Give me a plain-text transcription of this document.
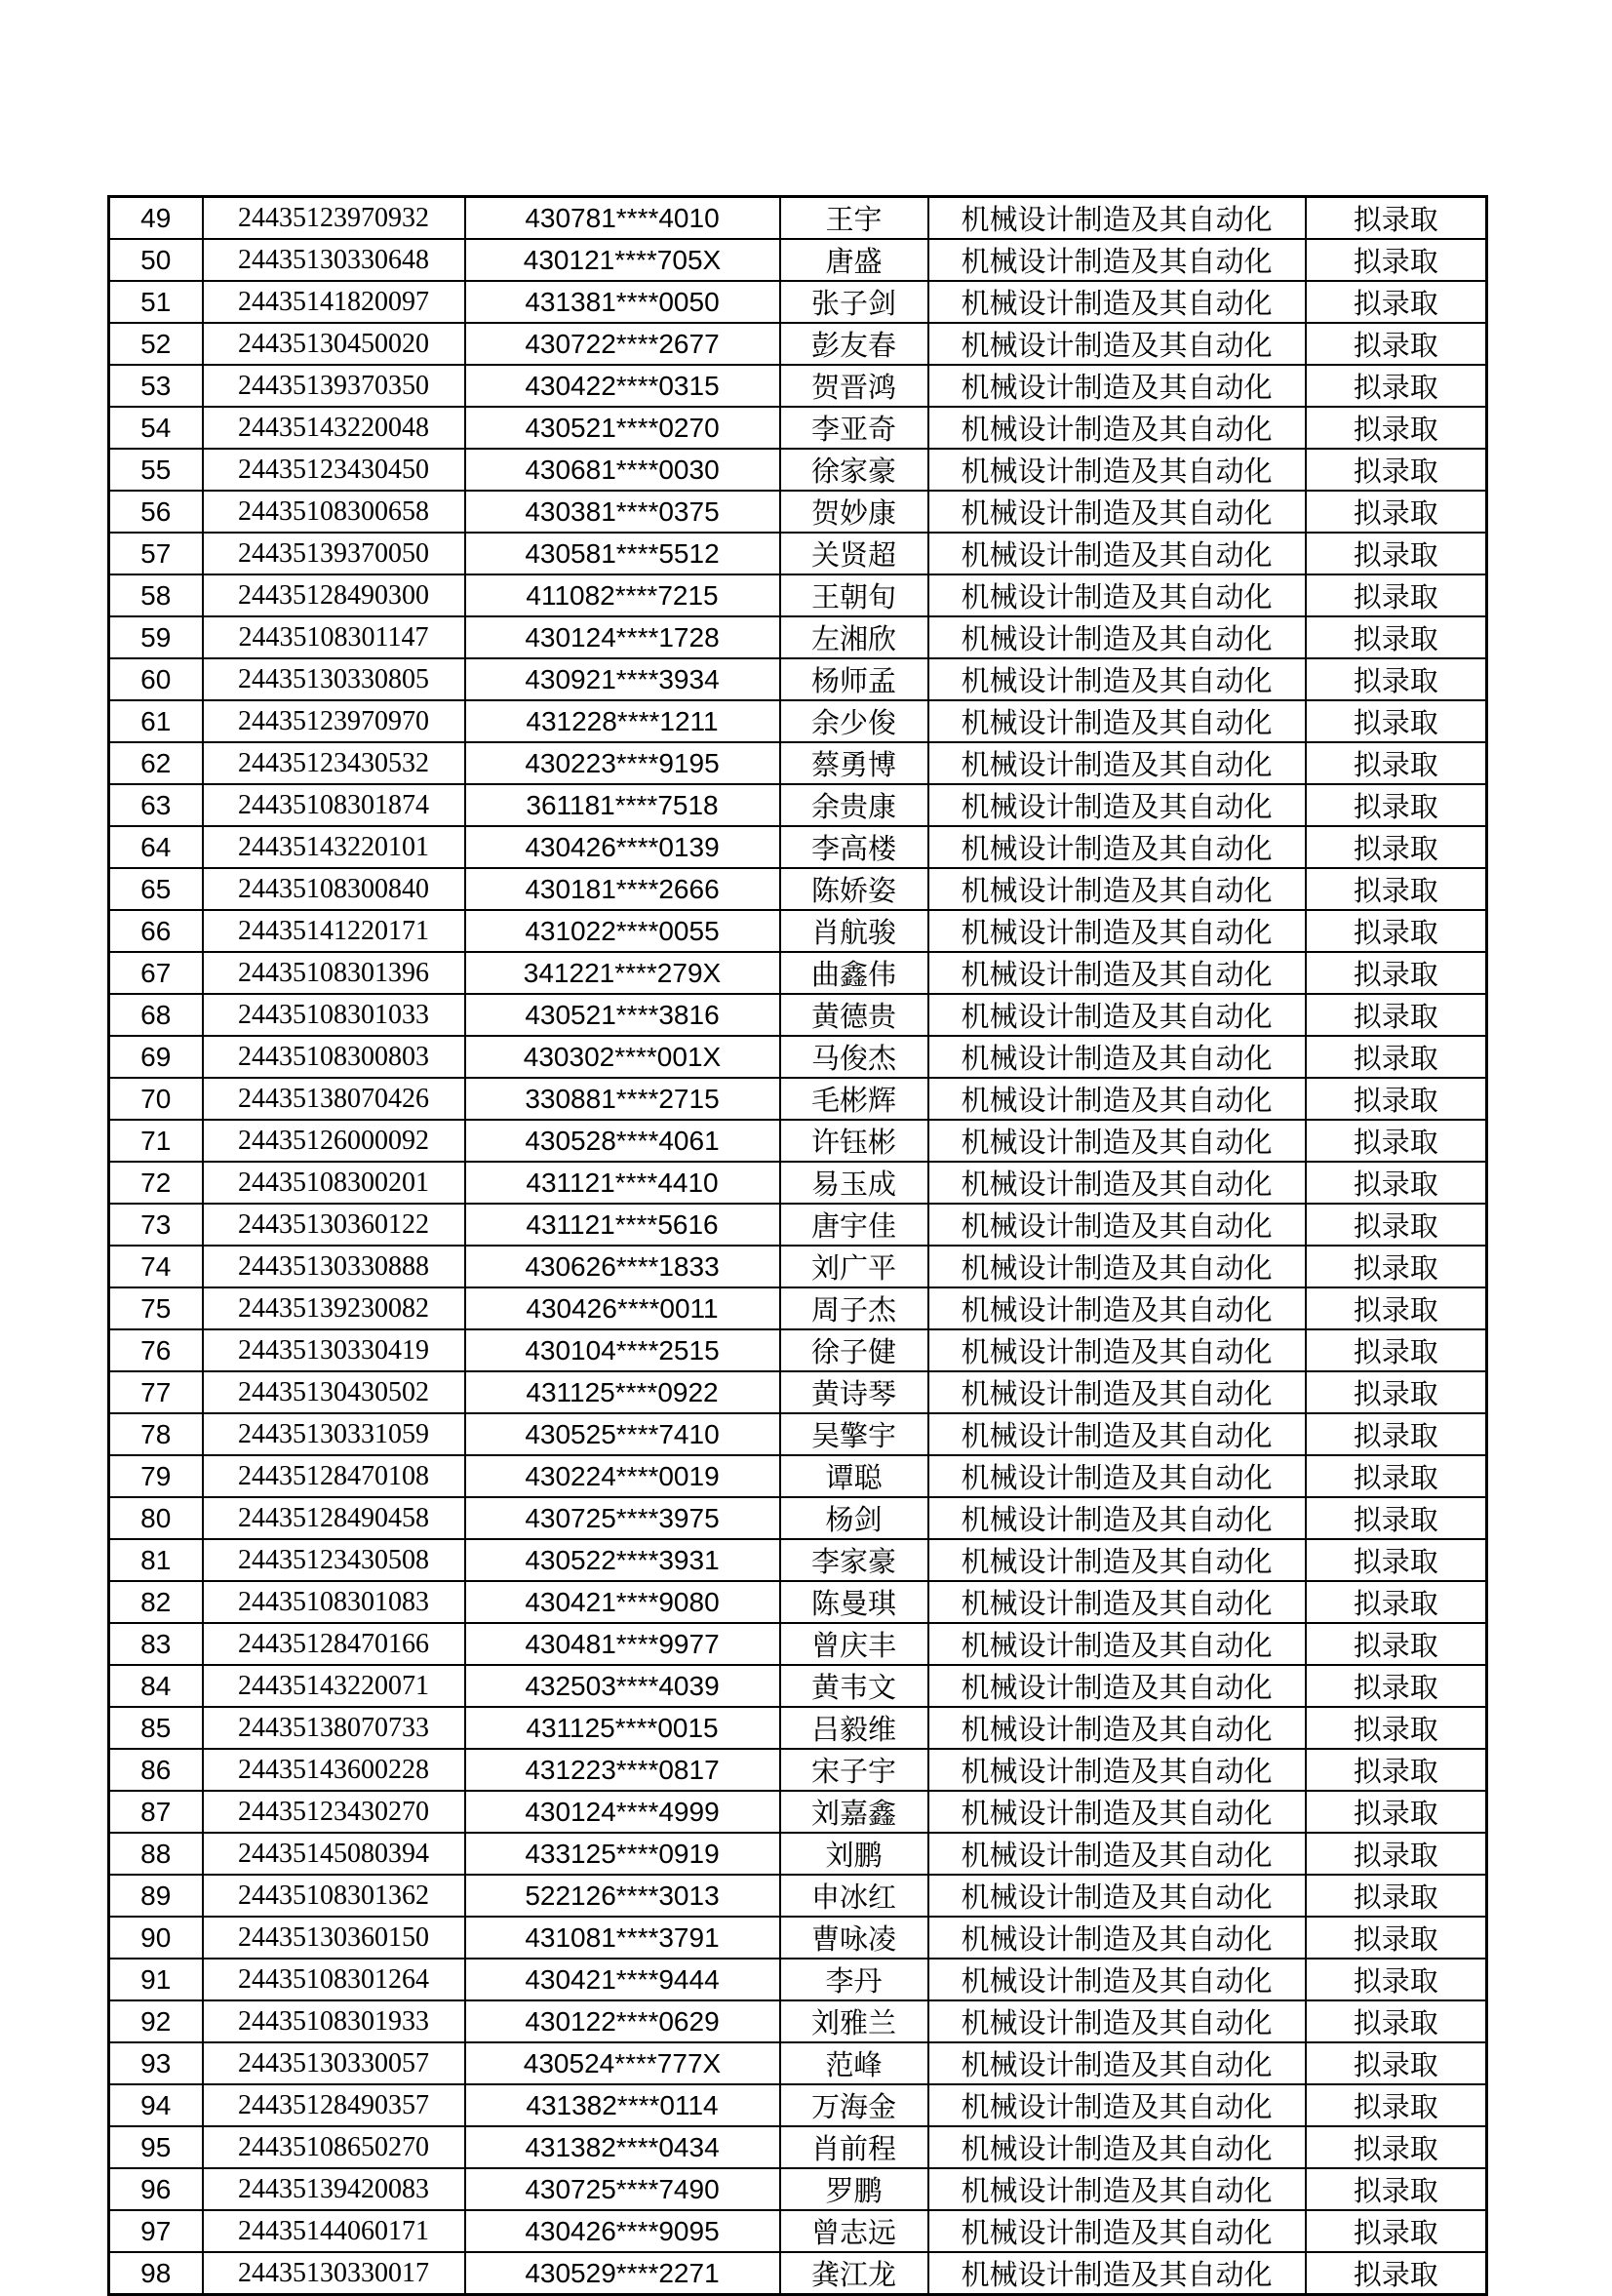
49	24435123970932	430781****4010	王宇	机械设计制造及其自动化	拟录取
50	24435130330648	430121****705X	唐盛	机械设计制造及其自动化	拟录取
51	24435141820097	431381****0050	张子剑	机械设计制造及其自动化	拟录取
52	24435130450020	430722****2677	彭友春	机械设计制造及其自动化	拟录取
53	24435139370350	430422****0315	贺晋鸿	机械设计制造及其自动化	拟录取
54	24435143220048	430521****0270	李亚奇	机械设计制造及其自动化	拟录取
55	24435123430450	430681****0030	徐家豪	机械设计制造及其自动化	拟录取
56	24435108300658	430381****0375	贺妙康	机械设计制造及其自动化	拟录取
57	24435139370050	430581****5512	关贤超	机械设计制造及其自动化	拟录取
58	24435128490300	411082****7215	王朝旬	机械设计制造及其自动化	拟录取
59	24435108301147	430124****1728	左湘欣	机械设计制造及其自动化	拟录取
60	24435130330805	430921****3934	杨师孟	机械设计制造及其自动化	拟录取
61	24435123970970	431228****1211	余少俊	机械设计制造及其自动化	拟录取
62	24435123430532	430223****9195	蔡勇博	机械设计制造及其自动化	拟录取
63	24435108301874	361181****7518	余贵康	机械设计制造及其自动化	拟录取
64	24435143220101	430426****0139	李高楼	机械设计制造及其自动化	拟录取
65	24435108300840	430181****2666	陈娇姿	机械设计制造及其自动化	拟录取
66	24435141220171	431022****0055	肖航骏	机械设计制造及其自动化	拟录取
67	24435108301396	341221****279X	曲鑫伟	机械设计制造及其自动化	拟录取
68	24435108301033	430521****3816	黄德贵	机械设计制造及其自动化	拟录取
69	24435108300803	430302****001X	马俊杰	机械设计制造及其自动化	拟录取
70	24435138070426	330881****2715	毛彬辉	机械设计制造及其自动化	拟录取
71	24435126000092	430528****4061	许钰彬	机械设计制造及其自动化	拟录取
72	24435108300201	431121****4410	易玉成	机械设计制造及其自动化	拟录取
73	24435130360122	431121****5616	唐宇佳	机械设计制造及其自动化	拟录取
74	24435130330888	430626****1833	刘广平	机械设计制造及其自动化	拟录取
75	24435139230082	430426****0011	周子杰	机械设计制造及其自动化	拟录取
76	24435130330419	430104****2515	徐子健	机械设计制造及其自动化	拟录取
77	24435130430502	431125****0922	黄诗琴	机械设计制造及其自动化	拟录取
78	24435130331059	430525****7410	吴擎宇	机械设计制造及其自动化	拟录取
79	24435128470108	430224****0019	谭聪	机械设计制造及其自动化	拟录取
80	24435128490458	430725****3975	杨剑	机械设计制造及其自动化	拟录取
81	24435123430508	430522****3931	李家豪	机械设计制造及其自动化	拟录取
82	24435108301083	430421****9080	陈曼琪	机械设计制造及其自动化	拟录取
83	24435128470166	430481****9977	曾庆丰	机械设计制造及其自动化	拟录取
84	24435143220071	432503****4039	黄韦文	机械设计制造及其自动化	拟录取
85	24435138070733	431125****0015	吕毅维	机械设计制造及其自动化	拟录取
86	24435143600228	431223****0817	宋子宇	机械设计制造及其自动化	拟录取
87	24435123430270	430124****4999	刘嘉鑫	机械设计制造及其自动化	拟录取
88	24435145080394	433125****0919	刘鹏	机械设计制造及其自动化	拟录取
89	24435108301362	522126****3013	申冰红	机械设计制造及其自动化	拟录取
90	24435130360150	431081****3791	曹咏凌	机械设计制造及其自动化	拟录取
91	24435108301264	430421****9444	李丹	机械设计制造及其自动化	拟录取
92	24435108301933	430122****0629	刘雅兰	机械设计制造及其自动化	拟录取
93	24435130330057	430524****777X	范峰	机械设计制造及其自动化	拟录取
94	24435128490357	431382****0114	万海金	机械设计制造及其自动化	拟录取
95	24435108650270	431382****0434	肖前程	机械设计制造及其自动化	拟录取
96	24435139420083	430725****7490	罗鹏	机械设计制造及其自动化	拟录取
97	24435144060171	430426****9095	曾志远	机械设计制造及其自动化	拟录取
98	24435130330017	430529****2271	龚江龙	机械设计制造及其自动化	拟录取
